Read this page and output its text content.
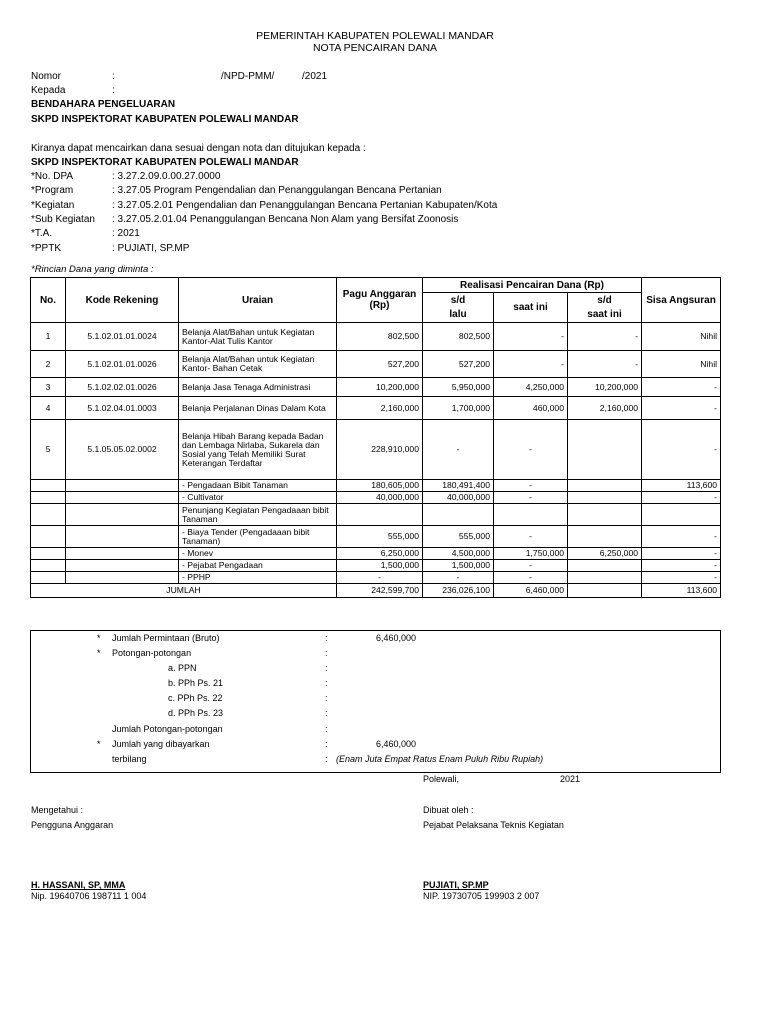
PEMERINTAH KABUPATEN POLEWALI MANDAR
NOTA PENCAIRAN DANA
Nomor	:	/NPD-PMM/	/2021
Kepada	:
BENDAHARA PENGELUARAN
SKPD INSPEKTORAT KABUPATEN POLEWALI MANDAR
Kiranya dapat mencairkan dana sesuai dengan nota dan ditujukan kepada :
SKPD INSPEKTORAT KABUPATEN POLEWALI MANDAR
*No. DPA	: 3.27.2.09.0.00.27.0000
*Program	: 3.27.05 Program Pengendalian dan Penanggulangan Bencana Pertanian
*Kegiatan	: 3.27.05.2.01 Pengendalian dan Penanggulangan Bencana Pertanian Kabupaten/Kota
*Sub Kegiatan : 3.27.05.2.01.04 Penanggulangan Bencana Non Alam yang Bersifat Zoonosis
*T.A.	: 2021
*PPTK	: PUJIATI, SP.MP
*Rincian Dana yang diminta :
No.	Kode Rekening	Uraian	Pagu Anggaran (Rp)	Realisasi Pencairan Dana (Rp)			Sisa Angsuran
				s/d	saat ini	s/d	
				lalu		saat ini	
1	5.1.02.01.01.0024	Belanja Alat/Bahan untuk Kegiatan Kantor-Alat Tulis Kantor	802,500	802,500	-	-	Nihil
2	5.1.02.01.01.0026	Belanja Alat/Bahan untuk Kegiatan Kantor- Bahan Cetak	527,200	527,200	-	-	Nihil
3	5.1.02.02.01.0026	Belanja Jasa Tenaga Administrasi	10,200,000	5,950,000	4,250,000	10,200,000	-
4	5.1.02.04.01.0003	Belanja Perjalanan Dinas Dalam Kota	2,160,000	1,700,000	460,000	2,160,000	-
5	5.1.05.05.02.0002	Belanja Hibah Barang kepada Badan dan Lembaga Nirlaba, Sukarela dan Sosial yang Telah Memiliki Surat Keterangan Terdaftar	228,910,000	-	-		-
		- Pengadaan Bibit Tanaman	180,605,000	180,491,400	-		113,600
		- Cultivator	40,000,000	40,000,000	-		-
		Penunjang Kegiatan Pengadaaan bibit Tanaman					
		- Biaya Tender (Pengadaaan bibit Tanaman)	555,000	555,000	-		-
		- Monev	6,250,000	4,500,000	1,750,000	6,250,000	-
		- Pejabat Pengadaan	1,500,000	1,500,000	-		-
		- PPHP	-	-	-		-
JUMLAH			242,599,700	236,026,100	6,460,000		113,600
* Jumlah Permintaan (Bruto)	:	6,460,000
* Potongan-potongan	:
a. PPN	:
b. PPh Ps. 21	:
c. PPh Ps. 22	:
d. PPh Ps. 23	:
Jumlah Potongan-potongan	:
* Jumlah yang dibayarkan	:	6,460,000
terbilang	: (Enam Juta Empat Ratus Enam Puluh Ribu Rupiah)
Polewali,	2021
Mengetahui :
Pengguna Anggaran
H. HASSANI, SP, MMA
Nip. 19640706 198711 1 004
Dibuat oleh :
Pejabat Pelaksana Teknis Kegiatan
PUJIATI, SP.MP
NIP. 19730705 199903 2 007
